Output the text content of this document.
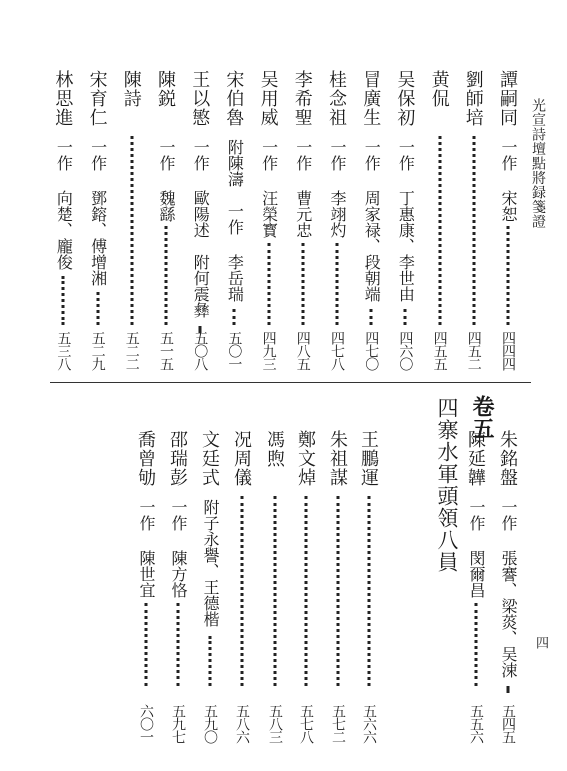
光宣詩壇點將録箋證
譚嗣同
一作 宋恕
四四四
劉師培
四五二
黄侃
四五五
吴保初
一作 丁惠康、李世由
四六〇
冒廣生
一作 周家禄、段朝端
四七〇
桂念祖
一作 李翊灼
四七八
李希聖
一作 曹元忠
四八五
吴用威
一作 汪榮寳
四九三
宋伯魯
附陳濤　一作 李岳瑞
五〇一
王以慜
一作 歐陽述　附何震彝
五〇八
陳鋭
一作 魏繇
五一五
陳詩
五二二
宋育仁
一作 鄧鎔、傅增湘
五二九
林思進
一作 向楚、龐俊
五三八
卷五
四寨水軍頭領八員 朱銘盤
一作 張謇、梁菼、吴涑
五四五
陳延韡
一作 閔爾昌
五五六
王鵬運
五六六
朱祖謀
五七二
鄭文焯
五七八
馮煦
五八三
况周儀
五八六
文廷式
附子永譽、王德楷
五九〇
邵瑞彭
一作 陳方恪
五九七
喬曾劬
一作 陳世宜
六〇一
四
